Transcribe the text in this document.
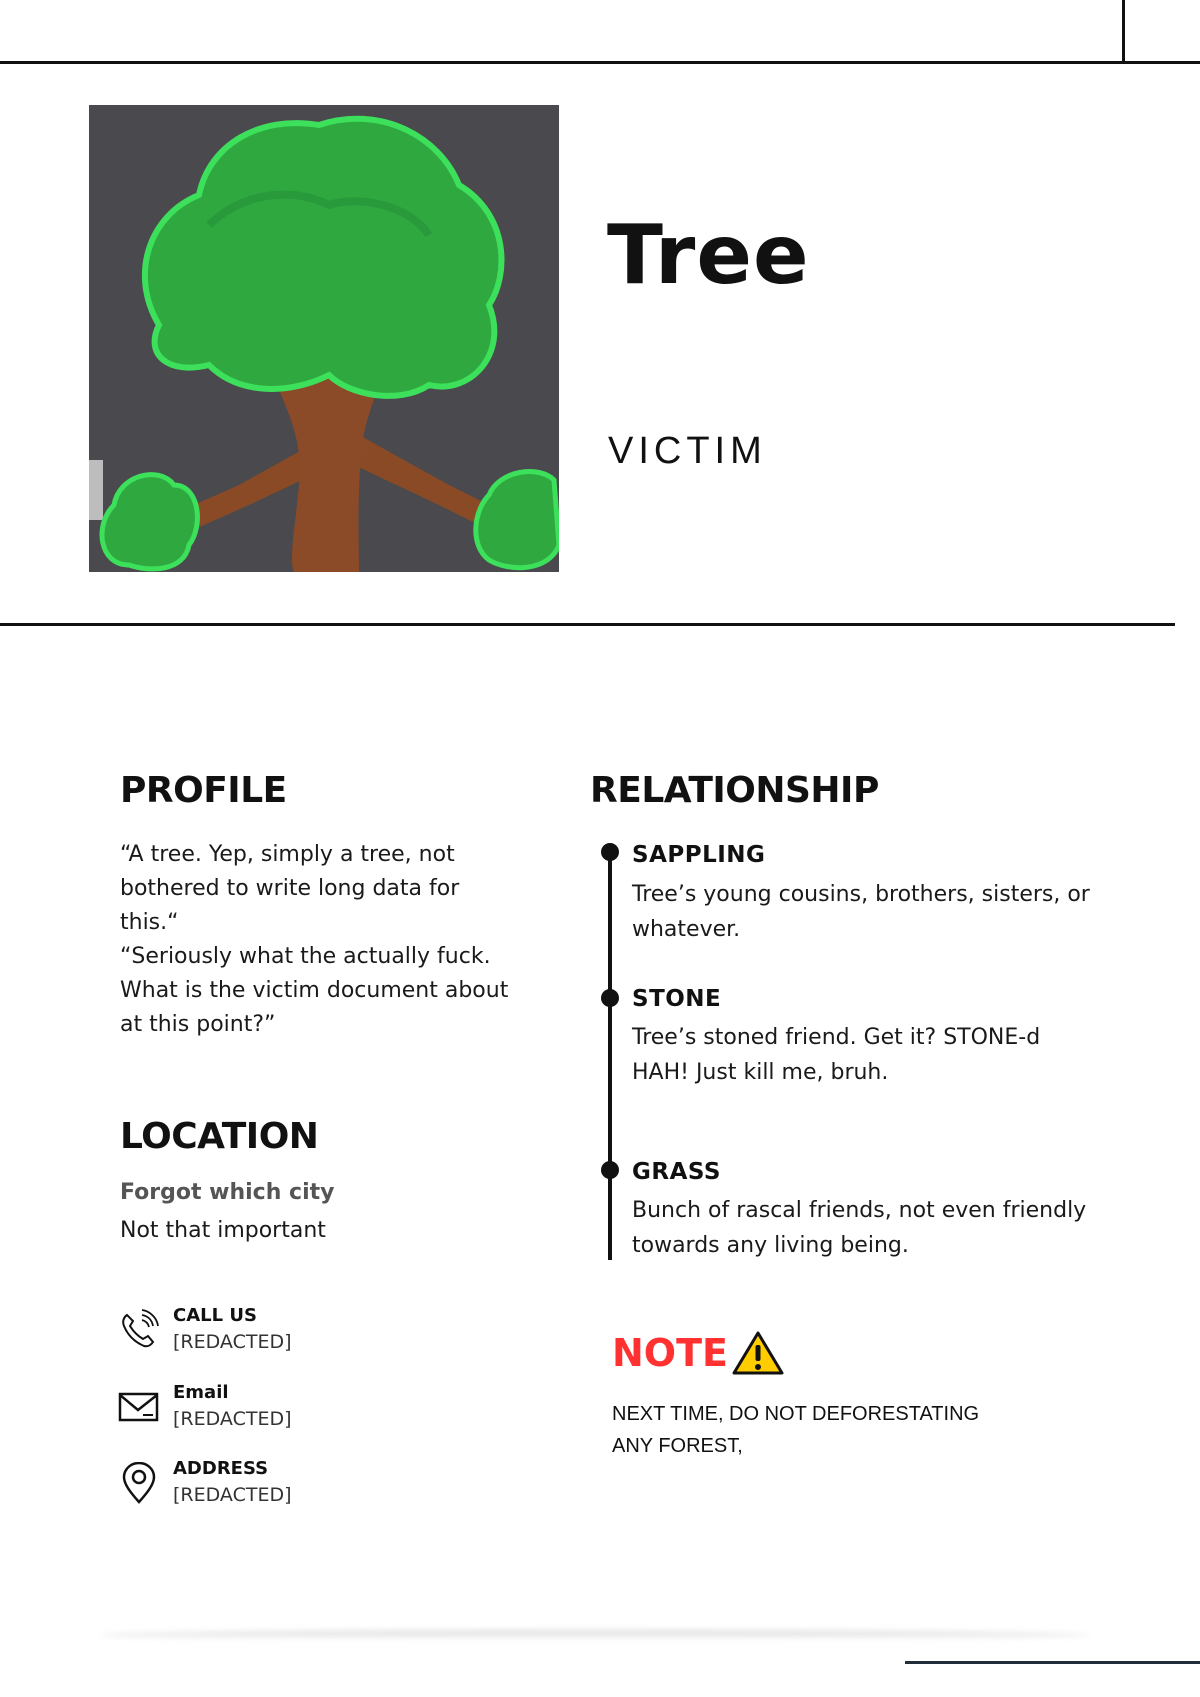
Tree
VICTIM
PROFILE
“A tree. Yep, simply a tree, not bothered to write long data for this.“
“Seriously what the actually fuck. What is the victim document about at this point?”
LOCATION
Forgot which city
Not that important
CALL US
[REDACTED]
Email
[REDACTED]
ADDRESS
[REDACTED]
RELATIONSHIP
SAPPLING
Tree’s young cousins, brothers, sisters, or whatever.
STONE
Tree’s stoned friend. Get it? STONE-d HAH! Just kill me, bruh.
GRASS
Bunch of rascal friends, not even friendly towards any living being.
NOTE
NEXT TIME, DO NOT DEFORESTATING ANY FOREST,
